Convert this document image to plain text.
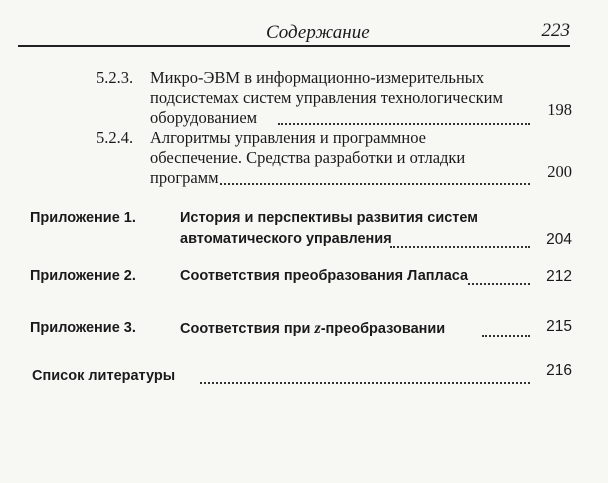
Содержание	223
5.2.3. Микро-ЭВМ в информационно-измерительных
подсистемах систем управления технологическим
оборудованием	198
5.2.4. Алгоритмы управления и программное
обеспечение. Средства разработки и отладки
программ	200
Приложение 1.	История и перспективы развития систем
автоматического управления	204
Приложение 2.	Соответствия преобразования Лапласа	212
Приложение 3.	Соответствия при z-преобразовании	215
Список литературы	216
